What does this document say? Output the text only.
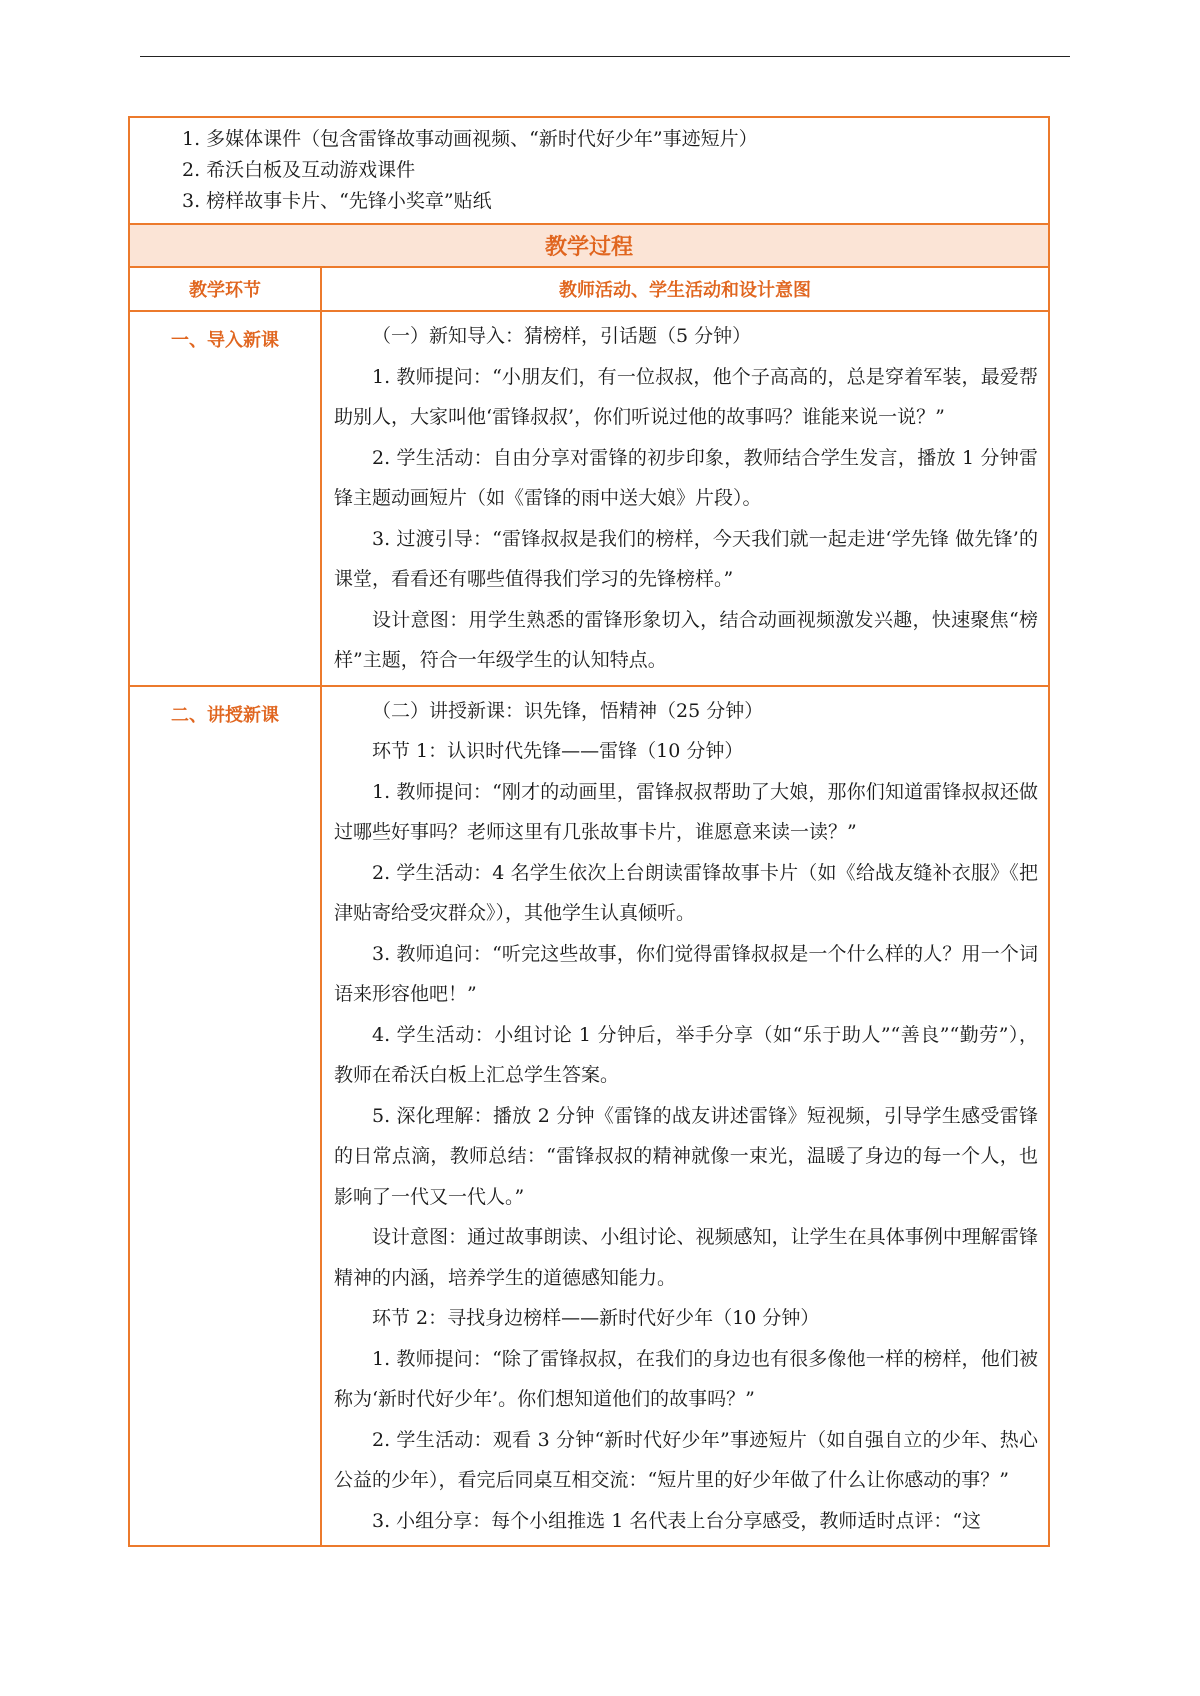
1. 多媒体课件（包含雷锋故事动画视频、“新时代好少年”事迹短片）
2. 希沃白板及互动游戏课件
3. 榜样故事卡片、“先锋小奖章”贴纸
教学过程
教学环节	教师活动、学生活动和设计意图
一、导入新课	（一）新知导入：猜榜样，引话题（5 分钟）

1. 教师提问：“小朋友们，有一位叔叔，他个子高高的，总是穿着军装，最爱帮助别人，大家叫他‘雷锋叔叔’，你们听说过他的故事吗？谁能来说一说？”

2. 学生活动：自由分享对雷锋的初步印象，教师结合学生发言，播放 1 分钟雷锋主题动画短片（如《雷锋的雨中送大娘》片段）。

3. 过渡引导：“雷锋叔叔是我们的榜样，今天我们就一起走进‘学先锋 做先锋’的课堂，看看还有哪些值得我们学习的先锋榜样。”

设计意图：用学生熟悉的雷锋形象切入，结合动画视频激发兴趣，快速聚焦“榜样”主题，符合一年级学生的认知特点。

二、讲授新课	（二）讲授新课：识先锋，悟精神（25 分钟）

环节 1：认识时代先锋——雷锋（10 分钟）

1. 教师提问：“刚才的动画里，雷锋叔叔帮助了大娘，那你们知道雷锋叔叔还做过哪些好事吗？老师这里有几张故事卡片，谁愿意来读一读？”

2. 学生活动：4 名学生依次上台朗读雷锋故事卡片（如《给战友缝补衣服》《把津贴寄给受灾群众》），其他学生认真倾听。

3. 教师追问：“听完这些故事，你们觉得雷锋叔叔是一个什么样的人？用一个词语来形容他吧！”

4. 学生活动：小组讨论 1 分钟后，举手分享（如“乐于助人”“善良”“勤劳”），教师在希沃白板上汇总学生答案。

5. 深化理解：播放 2 分钟《雷锋的战友讲述雷锋》短视频，引导学生感受雷锋的日常点滴，教师总结：“雷锋叔叔的精神就像一束光，温暖了身边的每一个人，也影响了一代又一代人。”

设计意图：通过故事朗读、小组讨论、视频感知，让学生在具体事例中理解雷锋精神的内涵，培养学生的道德感知能力。

环节 2：寻找身边榜样——新时代好少年（10 分钟）

1. 教师提问：“除了雷锋叔叔，在我们的身边也有很多像他一样的榜样，他们被称为‘新时代好少年’。你们想知道他们的故事吗？”

2. 学生活动：观看 3 分钟“新时代好少年”事迹短片（如自强自立的少年、热心公益的少年），看完后同桌互相交流：“短片里的好少年做了什么让你感动的事？”

3. 小组分享：每个小组推选 1 名代表上台分享感受，教师适时点评：“这
